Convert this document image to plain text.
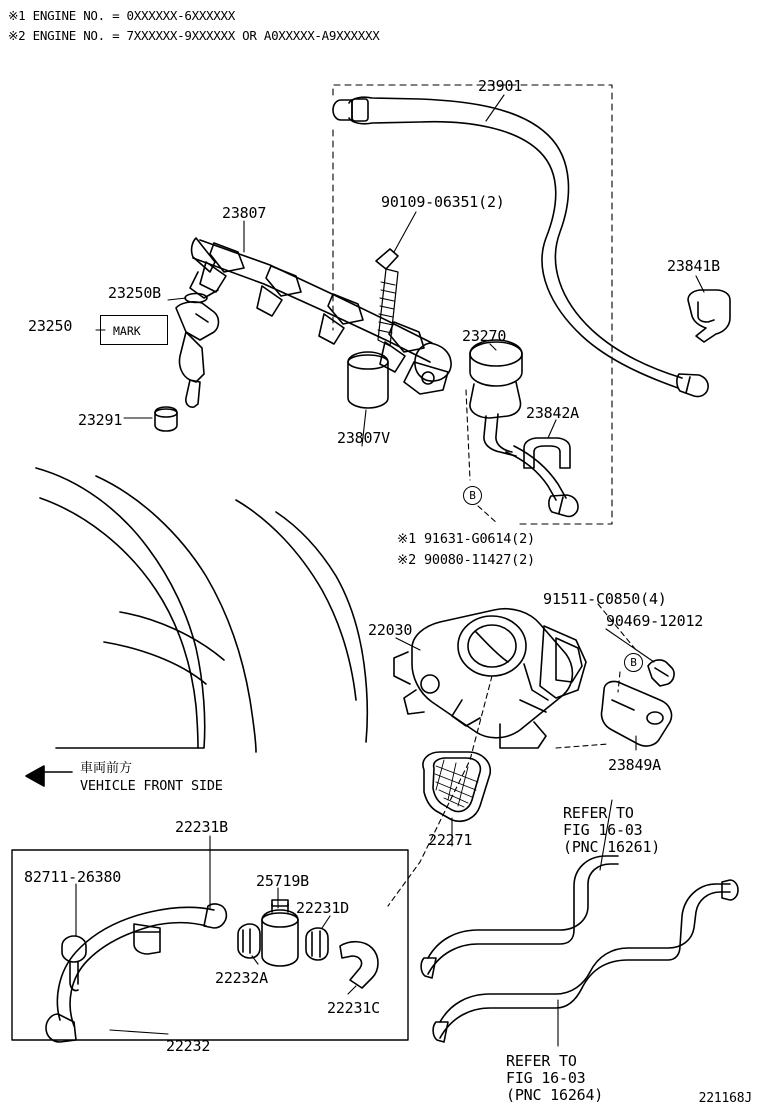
※1 ENGINE NO. = 0XXXXXX-6XXXXXX
※2 ENGINE NO. = 7XXXXXX-9XXXXXX OR A0XXXXX-A9XXXXXX
MARK
B
B
23901
23807
90109-06351(2)
23841B
23250B
23250
23270
23842A
23291
23807V
※1 91631-G0614(2)
※2 90080-11427(2)
91511-C0850(4)
90469-12012
22030
23849A
22271
22231B
82711-26380	25719B
22231D
22232A
22231C
22232
REFER TO
FIG 16-03
(PNC 16261)
REFER TO
FIG 16-03
(PNC 16264)
車両前方
VEHICLE FRONT SIDE
221168J
